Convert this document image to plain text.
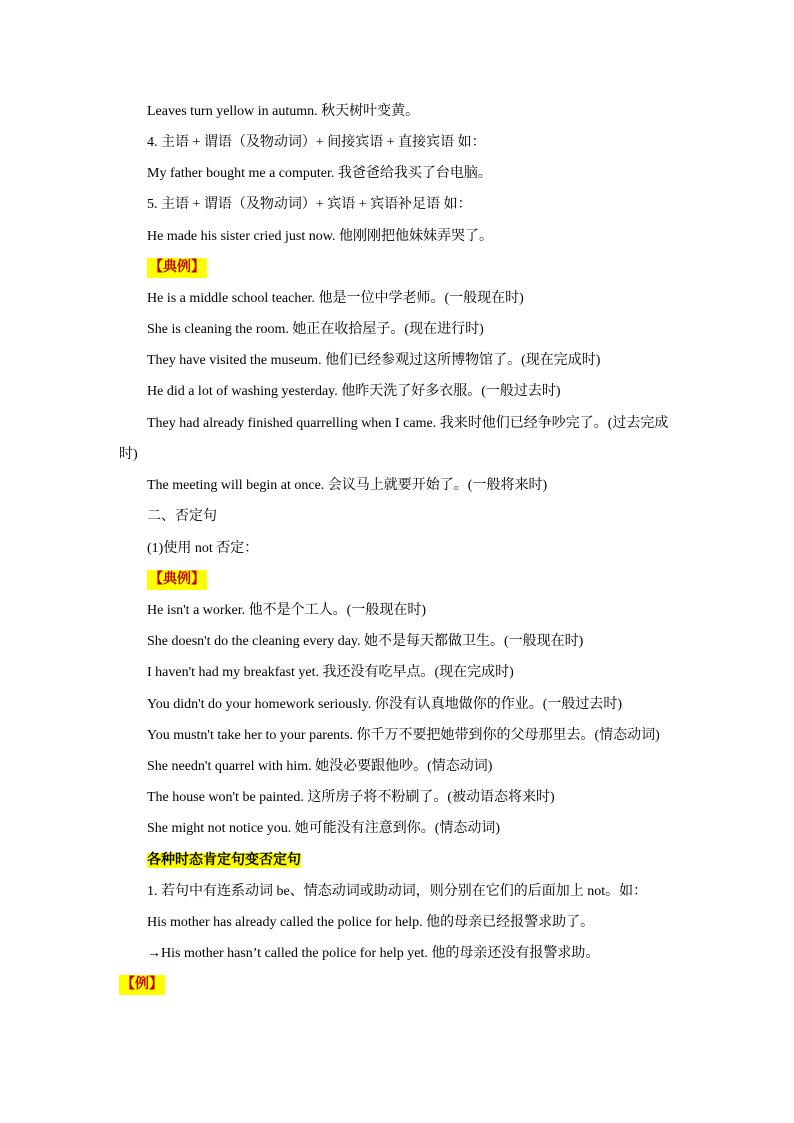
Leaves turn yellow in autumn. 秋天树叶变黄。
4. 主语 + 谓语（及物动词）+ 间接宾语 + 直接宾语 如：
My father bought me a computer. 我爸爸给我买了台电脑。
5. 主语 + 谓语（及物动词）+ 宾语 + 宾语补足语 如：
He made his sister cried just now. 他刚刚把他妹妹弄哭了。
【典例】
He is a middle school teacher. 他是一位中学老师。(一般现在时)
She is cleaning the room. 她正在收拾屋子。(现在进行时)
They have visited the museum. 他们已经参观过这所博物馆了。(现在完成时)
He did a lot of washing yesterday. 他昨天洗了好多衣服。(一般过去时)
They had already finished quarrelling when I came. 我来时他们已经争吵完了。(过去完成
时)
The meeting will begin at once. 会议马上就要开始了。(一般将来时)
二、否定句
(1)使用 not 否定：
【典例】
He isn't a worker. 他不是个工人。(一般现在时)
She doesn't do the cleaning every day. 她不是每天都做卫生。(一般现在时)
I haven't had my breakfast yet. 我还没有吃早点。(现在完成时)
You didn't do your homework seriously. 你没有认真地做你的作业。(一般过去时)
You mustn't take her to your parents. 你千万不要把她带到你的父母那里去。(情态动词)
She needn't quarrel with him. 她没必要跟他吵。(情态动词)
The house won't be painted. 这所房子将不粉刷了。(被动语态将来时)
She might not notice you. 她可能没有注意到你。(情态动词)
各种时态肯定句变否定句
1. 若句中有连系动词 be、情态动词或助动词，则分别在它们的后面加上 not。如：
His mother has already called the police for help. 他的母亲已经报警求助了。
→His mother hasn’t called the police for help yet. 他的母亲还没有报警求助。
【例】
